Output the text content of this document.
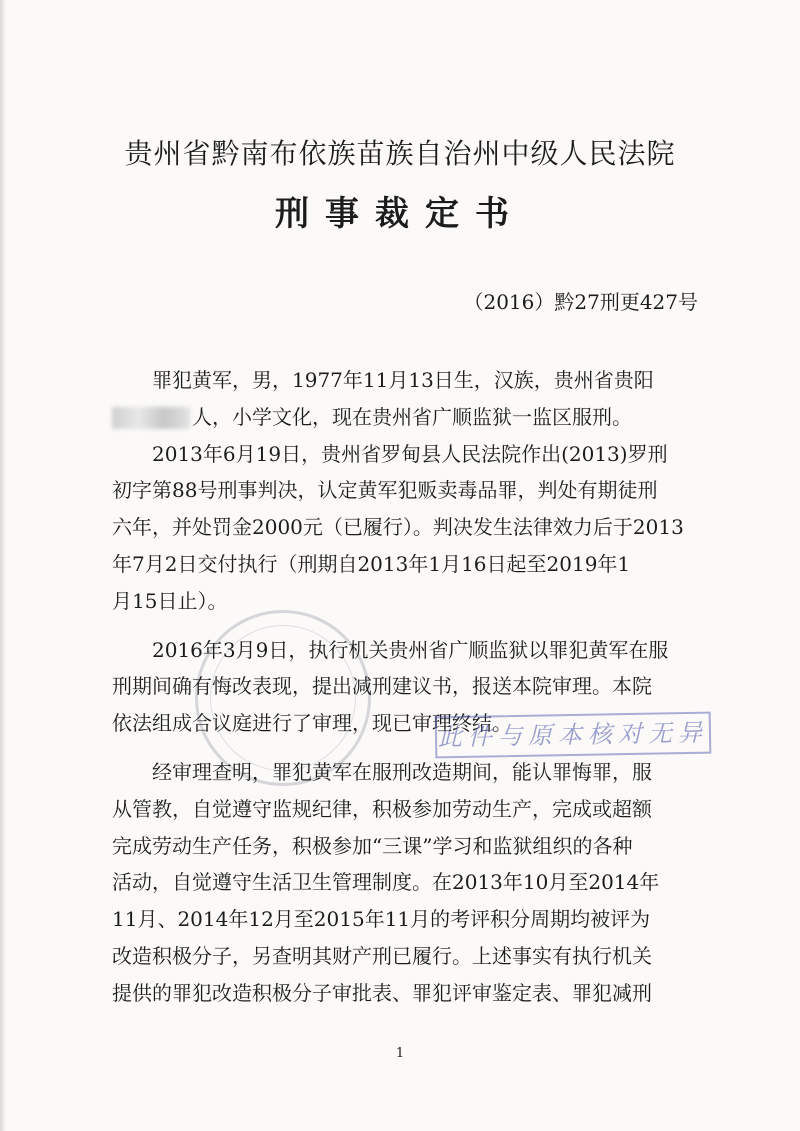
贵州省黔南布依族苗族自治州中级人民法院
刑事裁定书
（2016）黔27刑更427号
罪犯黄军，男，1977年11月13日生，汉族，贵州省贵阳
人，小学文化，现在贵州省广顺监狱一监区服刑。
2013年6月19日，贵州省罗甸县人民法院作出(2013)罗刑
初字第88号刑事判决，认定黄军犯贩卖毒品罪，判处有期徒刑
六年，并处罚金2000元（已履行）。判决发生法律效力后于2013
年7月2日交付执行（刑期自2013年1月16日起至2019年1
月15日止）。
2016年3月9日，执行机关贵州省广顺监狱以罪犯黄军在服
刑期间确有悔改表现，提出减刑建议书，报送本院审理。本院
依法组成合议庭进行了审理，现已审理终结。
经审理查明，罪犯黄军在服刑改造期间，能认罪悔罪，服
从管教，自觉遵守监规纪律，积极参加劳动生产，完成或超额
完成劳动生产任务，积极参加“三课”学习和监狱组织的各种
活动，自觉遵守生活卫生管理制度。在2013年10月至2014年
11月、2014年12月至2015年11月的考评积分周期均被评为
改造积极分子，另查明其财产刑已履行。上述事实有执行机关
提供的罪犯改造积极分子审批表、罪犯评审鉴定表、罪犯减刑
此件与原本核对无异
1
